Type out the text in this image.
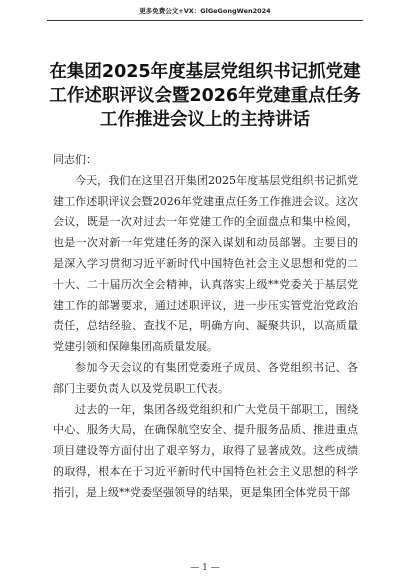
更多免费公文+VX：GlGeGongWen2024
在集团2025年度基层党组织书记抓党建
工作述职评议会暨2026年党建重点任务
工作推进会议上的主持讲话

同志们：

今天，我们在这里召开集团2025年度基层党组织书记抓党建工作述职评议会暨2026年党建重点任务工作推进会议。这次会议，既是一次对过去一年党建工作的全面盘点和集中检阅，也是一次对新一年党建任务的深入谋划和动员部署。主要目的是深入学习贯彻习近平新时代中国特色社会主义思想和党的二十大、二十届历次全会精神，认真落实上级**党委关于基层党建工作的部署要求，通过述职评议，进一步压实管党治党政治责任，总结经验、查找不足，明确方向、凝聚共识，以高质量党建引领和保障集团高质量发展。

参加今天会议的有集团党委班子成员、各党组织书记、各部门主要负责人以及党员职工代表。

过去的一年，集团各级党组织和广大党员干部职工，围绕中心、服务大局，在确保航空安全、提升服务品质、推进重点项目建设等方面付出了艰辛努力，取得了显著成效。这些成绩的取得，根本在于习近平新时代中国特色社会主义思想的科学指引，是上级**党委坚强领导的结果，更是集团全体党员干部

— 1 —
